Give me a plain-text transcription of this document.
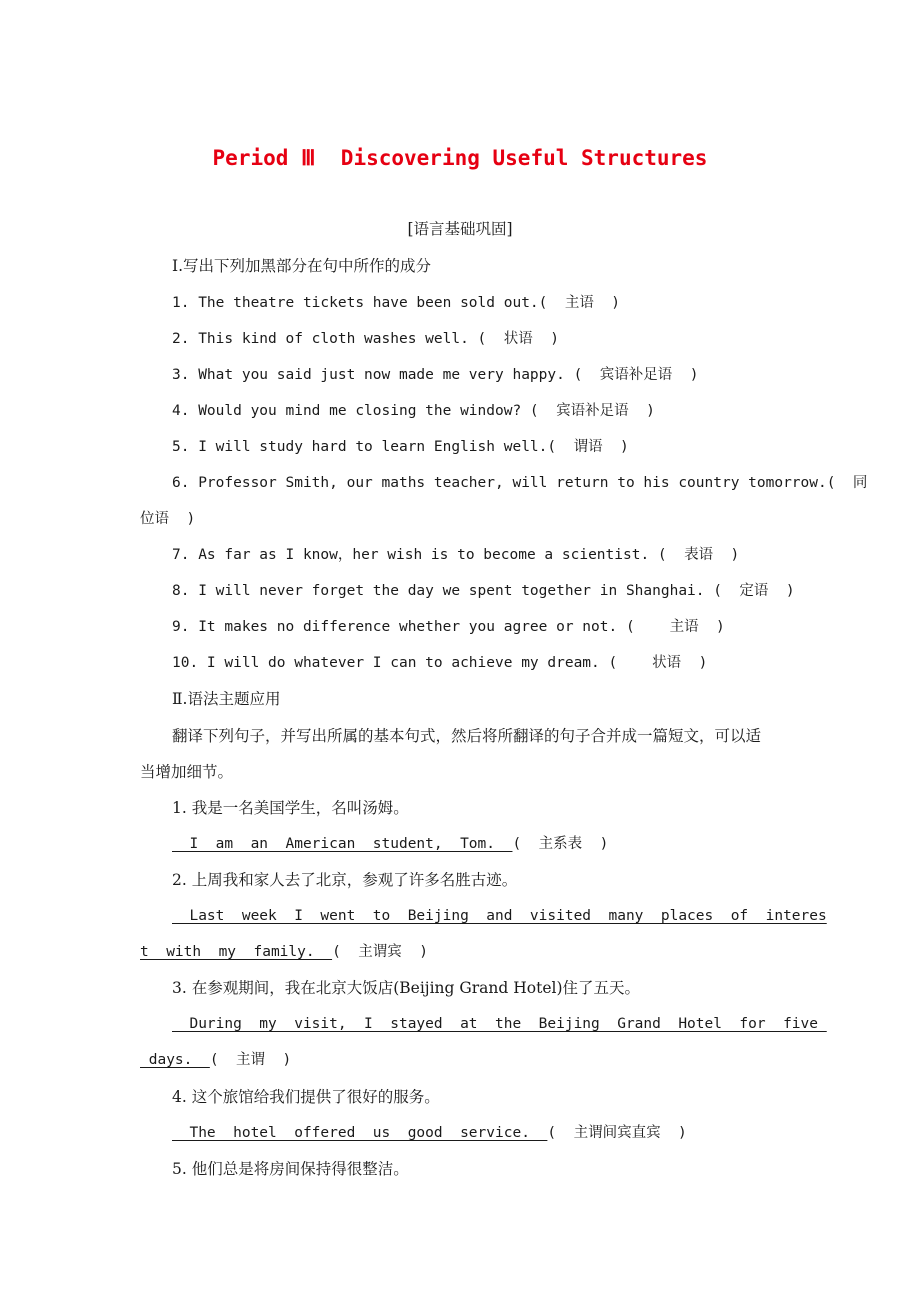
Period Ⅲ  Discovering Useful Structures
[语言基础巩固]
Ⅰ.写出下列加黑部分在句中所作的成分
1. The theatre tickets have been sold out.(  主语  )
2. This kind of cloth washes well. (  状语  )
3. What you said just now made me very happy. (  宾语补足语  )
4. Would you mind me closing the window? (  宾语补足语  )
5. I will study hard to learn English well.(  谓语  )
6. Professor Smith, our maths teacher, will return to his country tomorrow.(  同
位语  )
7. As far as I know，her wish is to become a scientist. (  表语  )
8. I will never forget the day we spent together in Shanghai. (  定语  )
9. It makes no difference whether you agree or not. (    主语  )
10. I will do whatever I can to achieve my dream. (    状语  )
Ⅱ.语法主题应用
翻译下列句子，并写出所属的基本句式，然后将所翻译的句子合并成一篇短文，可以适
当增加细节。
1. 我是一名美国学生，名叫汤姆。
I  am  an  American  student,  Tom.  (  主系表  )
2. 上周我和家人去了北京，参观了许多名胜古迹。
Last  week  I  went  to  Beijing  and  visited  many  places  of  interes
t  with  my  family.  (  主谓宾  )
3. 在参观期间，我在北京大饭店(Beijing Grand Hotel)住了五天。
During  my  visit,  I  stayed  at  the  Beijing  Grand  Hotel  for  five
days.  (  主谓  )
4. 这个旅馆给我们提供了很好的服务。
The  hotel  offered  us  good  service.  (  主谓间宾直宾  )
5. 他们总是将房间保持得很整洁。
